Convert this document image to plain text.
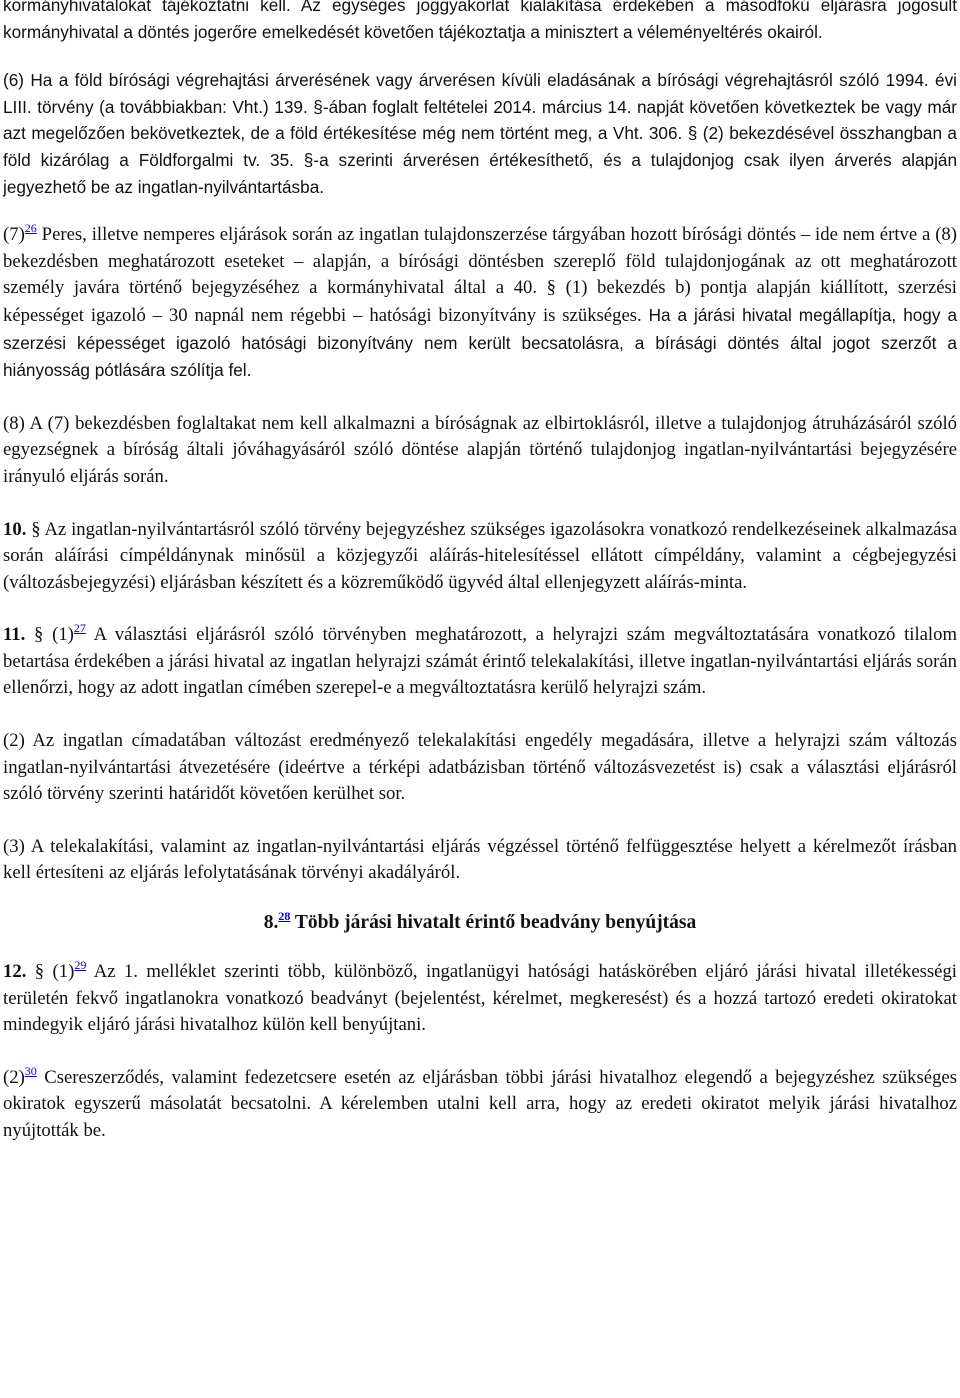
kormányhivatalokat tájékoztatni kell. Az egységes joggyakorlat kialakítása érdekében a másodfokú eljárásra jogosult kormányhivatal a döntés jogerőre emelkedését követően tájékoztatja a minisztert a véleményeltérés okairól.

(6) Ha a föld bírósági végrehajtási árverésének vagy árverésen kívüli eladásának a bírósági végrehajtásról szóló 1994. évi LIII. törvény (a továbbiakban: Vht.) 139. §-ában foglalt feltételei 2014. március 14. napját követően következtek be vagy már azt megelőzően bekövetkeztek, de a föld értékesítése még nem történt meg, a Vht. 306. § (2) bekezdésével összhangban a föld kizárólag a Földforgalmi tv. 35. §-a szerinti árverésen értékesíthető, és a tulajdonjog csak ilyen árverés alapján jegyezhető be az ingatlan-nyilvántartásba.

(7)$^{26}$ Peres, illetve nemperes eljárások során az ingatlan tulajdonszerzése tárgyában hozott bírósági döntés – ide nem értve a (8) bekezdésben meghatározott eseteket – alapján, a bírósági döntésben szereplő föld tulajdonjogának az ott meghatározott személy javára történő bejegyzéséhez a kormányhivatal által a 40. § (1) bekezdés b) pontja alapján kiállított, szerzési képességet igazoló – 30 napnál nem régebbi – hatósági bizonyítvány is szükséges. Ha a járási hivatal megállapítja, hogy a szerzési képességet igazoló hatósági bizonyítvány nem került becsatolásra, a bírásági döntés által jogot szerzőt a hiányosság pótlására szólítja fel.

(8) A (7) bekezdésben foglaltakat nem kell alkalmazni a bíróságnak az elbirtoklásról, illetve a tulajdonjog átruházásáról szóló egyezségnek a bíróság általi jóváhagyásáról szóló döntése alapján történő tulajdonjog ingatlan-nyilvántartási bejegyzésére irányuló eljárás során.

10. § Az ingatlan-nyilvántartásról szóló törvény bejegyzéshez szükséges igazolásokra vonatkozó rendelkezéseinek alkalmazása során aláírási címpéldánynak minősül a közjegyzői aláírás-hitelesítéssel ellátott címpéldány, valamint a cégbejegyzési (változásbejegyzési) eljárásban készített és a közreműködő ügyvéd által ellenjegyzett aláírás-minta.

11. § (1)$^{27}$ A választási eljárásról szóló törvényben meghatározott, a helyrajzi szám megváltoztatására vonatkozó tilalom betartása érdekében a járási hivatal az ingatlan helyrajzi számát érintő telekalakítási, illetve ingatlan-nyilvántartási eljárás során ellenőrzi, hogy az adott ingatlan címében szerepel-e a megváltoztatásra kerülő helyrajzi szám.

(2) Az ingatlan címadatában változást eredményező telekalakítási engedély megadására, illetve a helyrajzi szám változás ingatlan-nyilvántartási átvezetésére (ideértve a térképi adatbázisban történő változásvezetést is) csak a választási eljárásról szóló törvény szerinti határidőt követően kerülhet sor.

(3) A telekalakítási, valamint az ingatlan-nyilvántartási eljárás végzéssel történő felfüggesztése helyett a kérelmezőt írásban kell értesíteni az eljárás lefolytatásának törvényi akadályáról.

8.28 Több járási hivatalt érintő beadvány benyújtása

12. § (1)$^{29}$ Az 1. melléklet szerinti több, különböző, ingatlanügyi hatósági hatáskörében eljáró járási hivatal illetékességi területén fekvő ingatlanokra vonatkozó beadványt (bejelentést, kérelmet, megkeresést) és a hozzá tartozó eredeti okiratokat mindegyik eljáró járási hivatalhoz külön kell benyújtani.

(2)$^{30}$ Csereszerződés, valamint fedezetcsere esetén az eljárásban többi járási hivatalhoz elegendő a bejegyzéshez szükséges okiratok egyszerű másolatát becsatolni. A kérelemben utalni kell arra, hogy az eredeti okiratot melyik járási hivatalhoz nyújtották be.
